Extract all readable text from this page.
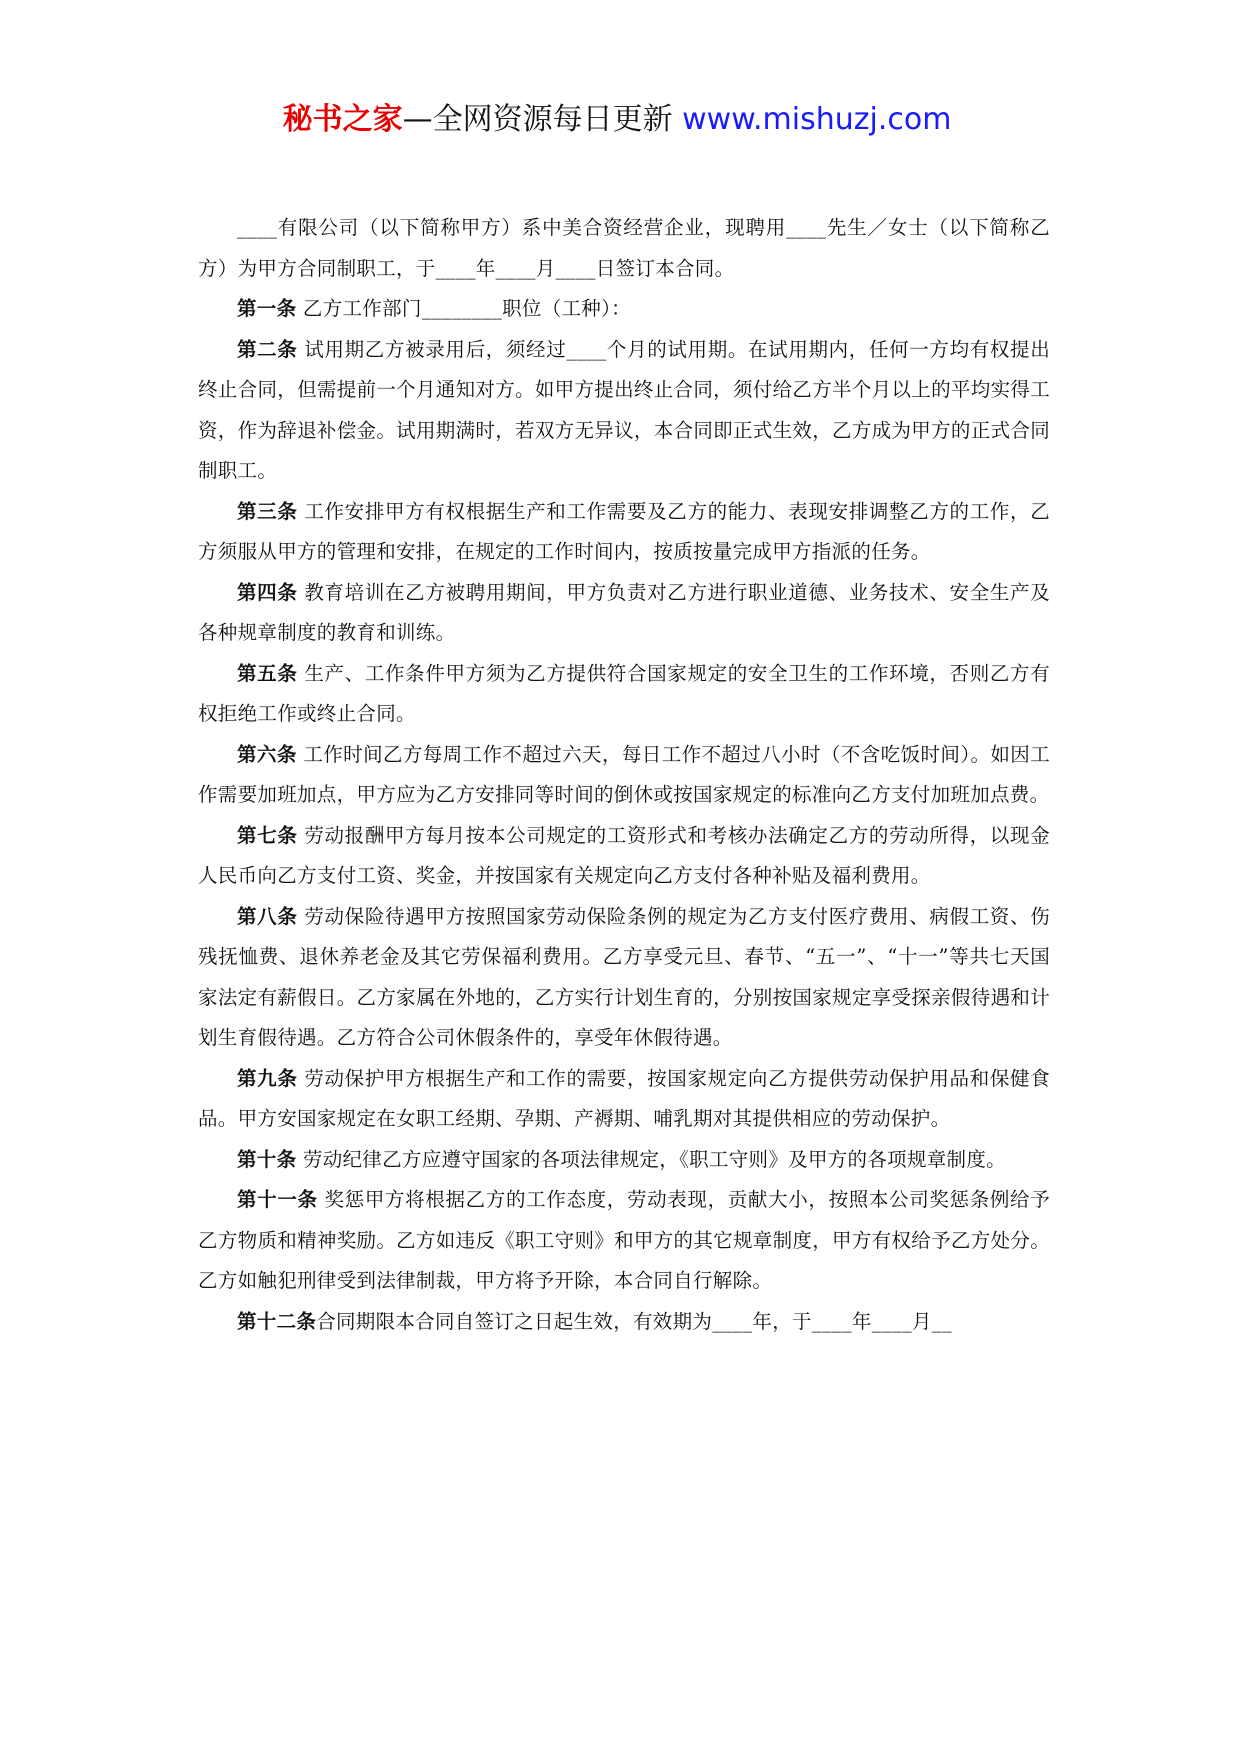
秘书之家—全网资源每日更新 www.mishuzj.com

____有限公司（以下简称甲方）系中美合资经营企业，现聘用____先生／女士（以下简称乙方）为甲方合同制职工，于____年____月____日签订本合同。

第一条 乙方工作部门________职位（工种）：

第二条 试用期乙方被录用后，须经过____个月的试用期。在试用期内，任何一方均有权提出终止合同，但需提前一个月通知对方。如甲方提出终止合同，须付给乙方半个月以上的平均实得工资，作为辞退补偿金。试用期满时，若双方无异议，本合同即正式生效，乙方成为甲方的正式合同制职工。

第三条 工作安排甲方有权根据生产和工作需要及乙方的能力、表现安排调整乙方的工作，乙方须服从甲方的管理和安排，在规定的工作时间内，按质按量完成甲方指派的任务。

第四条 教育培训在乙方被聘用期间，甲方负责对乙方进行职业道德、业务技术、安全生产及各种规章制度的教育和训练。

第五条 生产、工作条件甲方须为乙方提供符合国家规定的安全卫生的工作环境，否则乙方有权拒绝工作或终止合同。

第六条 工作时间乙方每周工作不超过六天，每日工作不超过八小时（不含吃饭时间）。如因工作需要加班加点，甲方应为乙方安排同等时间的倒休或按国家规定的标准向乙方支付加班加点费。

第七条 劳动报酬甲方每月按本公司规定的工资形式和考核办法确定乙方的劳动所得，以现金人民币向乙方支付工资、奖金，并按国家有关规定向乙方支付各种补贴及福利费用。

第八条 劳动保险待遇甲方按照国家劳动保险条例的规定为乙方支付医疗费用、病假工资、伤残抚恤费、退休养老金及其它劳保福利费用。乙方享受元旦、春节、“五一”、“十一”等共七天国家法定有薪假日。乙方家属在外地的，乙方实行计划生育的，分别按国家规定享受探亲假待遇和计划生育假待遇。乙方符合公司休假条件的，享受年休假待遇。

第九条 劳动保护甲方根据生产和工作的需要，按国家规定向乙方提供劳动保护用品和保健食品。甲方安国家规定在女职工经期、孕期、产褥期、哺乳期对其提供相应的劳动保护。

第十条 劳动纪律乙方应遵守国家的各项法律规定，《职工守则》及甲方的各项规章制度。

第十一条 奖惩甲方将根据乙方的工作态度，劳动表现，贡献大小，按照本公司奖惩条例给予乙方物质和精神奖励。乙方如违反《职工守则》和甲方的其它规章制度，甲方有权给予乙方处分。乙方如触犯刑律受到法律制裁，甲方将予开除，本合同自行解除。

第十二条合同期限本合同自签订之日起生效，有效期为____年，于____年____月__
